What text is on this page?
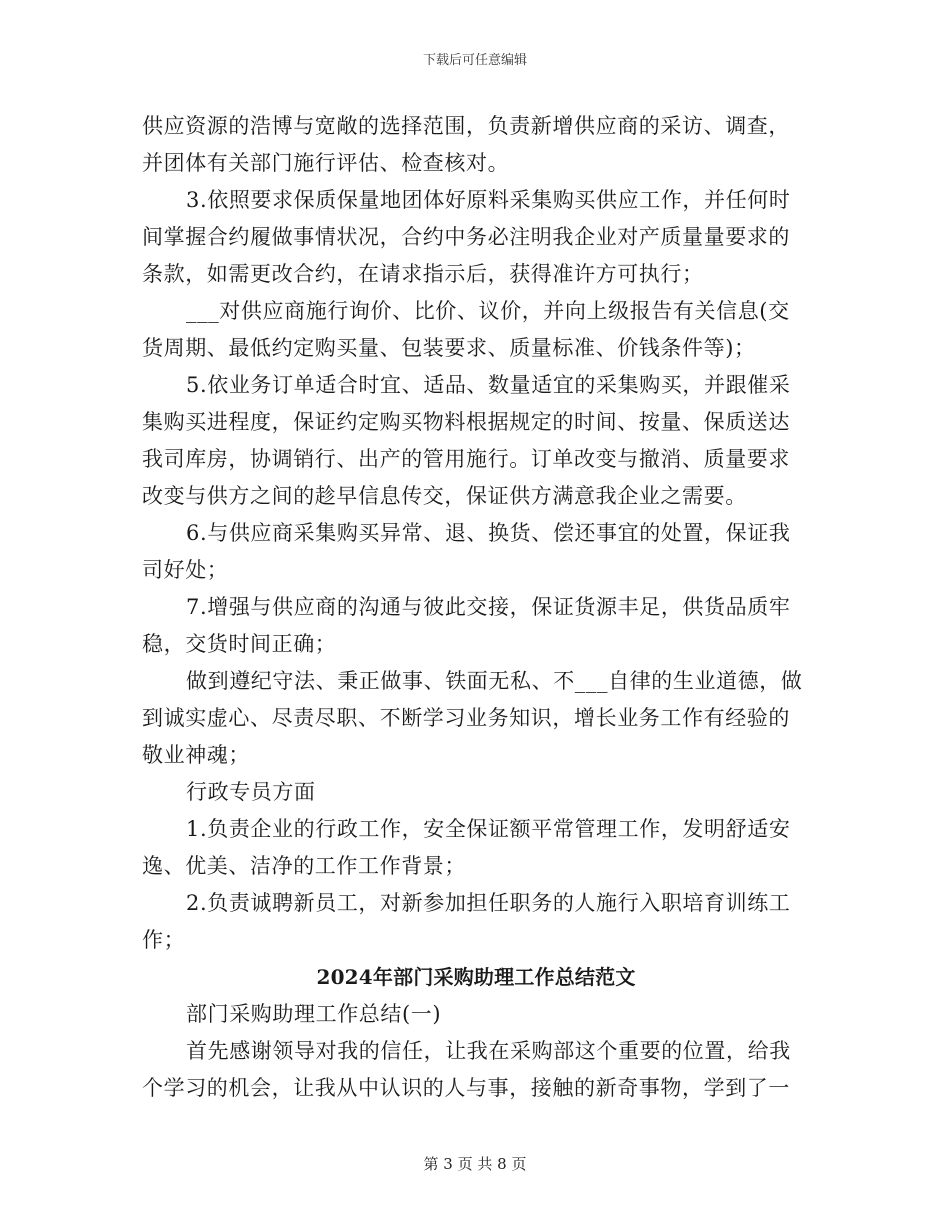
下载后可任意编辑
供应资源的浩博与宽敞的选择范围，负责新增供应商的采访、调查，
并团体有关部门施行评估、检查核对。
3.依照要求保质保量地团体好原料采集购买供应工作，并任何时
间掌握合约履做事情状况，合约中务必注明我企业对产质量量要求的
条款，如需更改合约，在请求指示后，获得准许方可执行；
___对供应商施行询价、比价、议价，并向上级报告有关信息(交
货周期、最低约定购买量、包装要求、质量标准、价钱条件等)；
5.依业务订单适合时宜、适品、数量适宜的采集购买，并跟催采
集购买进程度，保证约定购买物料根据规定的时间、按量、保质送达
我司库房，协调销行、出产的管用施行。订单改变与撤消、质量要求
改变与供方之间的趁早信息传交，保证供方满意我企业之需要。
6.与供应商采集购买异常、退、换货、偿还事宜的处置，保证我
司好处；
7.增强与供应商的沟通与彼此交接，保证货源丰足，供货品质牢
稳，交货时间正确；
做到遵纪守法、秉正做事、铁面无私、不___自律的生业道德，做
到诚实虚心、尽责尽职、不断学习业务知识，增长业务工作有经验的
敬业神魂；
行政专员方面
1.负责企业的行政工作，安全保证额平常管理工作，发明舒适安
逸、优美、洁净的工作工作背景；
2.负责诚聘新员工，对新参加担任职务的人施行入职培育训练工
作；
2024年部门采购助理工作总结范文
部门采购助理工作总结(一)
首先感谢领导对我的信任，让我在采购部这个重要的位置，给我
个学习的机会，让我从中认识的人与事，接触的新奇事物，学到了一
第 3 页 共 8 页
